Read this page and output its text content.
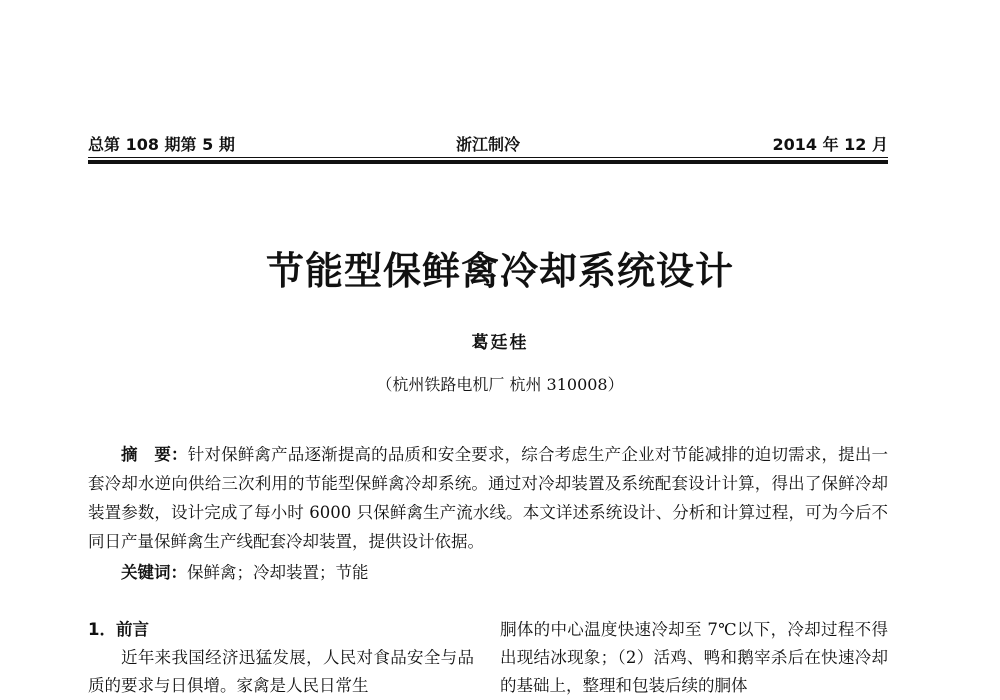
总第 108 期第 5 期	浙江制冷	2014 年 12 月
节能型保鲜禽冷却系统设计
葛廷桂
（杭州铁路电机厂 杭州 310008）

摘　要：针对保鲜禽产品逐渐提高的品质和安全要求，综合考虑生产企业对节能减排的迫切需求，提出一套冷却水逆向供给三次利用的节能型保鲜禽冷却系统。通过对冷却装置及系统配套设计计算，得出了保鲜冷却装置参数，设计完成了每小时 6000 只保鲜禽生产流水线。本文详述系统设计、分析和计算过程，可为今后不同日产量保鲜禽生产线配套冷却装置，提供设计依据。

关键词：保鲜禽；冷却装置；节能

1．前言

近年来我国经济迅猛发展，人民对食品安全与品质的要求与日俱增。家禽是人民日常生

胴体的中心温度快速冷却至 7℃以下，冷却过程不得出现结冰现象；（2）活鸡、鸭和鹅宰杀后在快速冷却的基础上，整理和包装后续的胴体
